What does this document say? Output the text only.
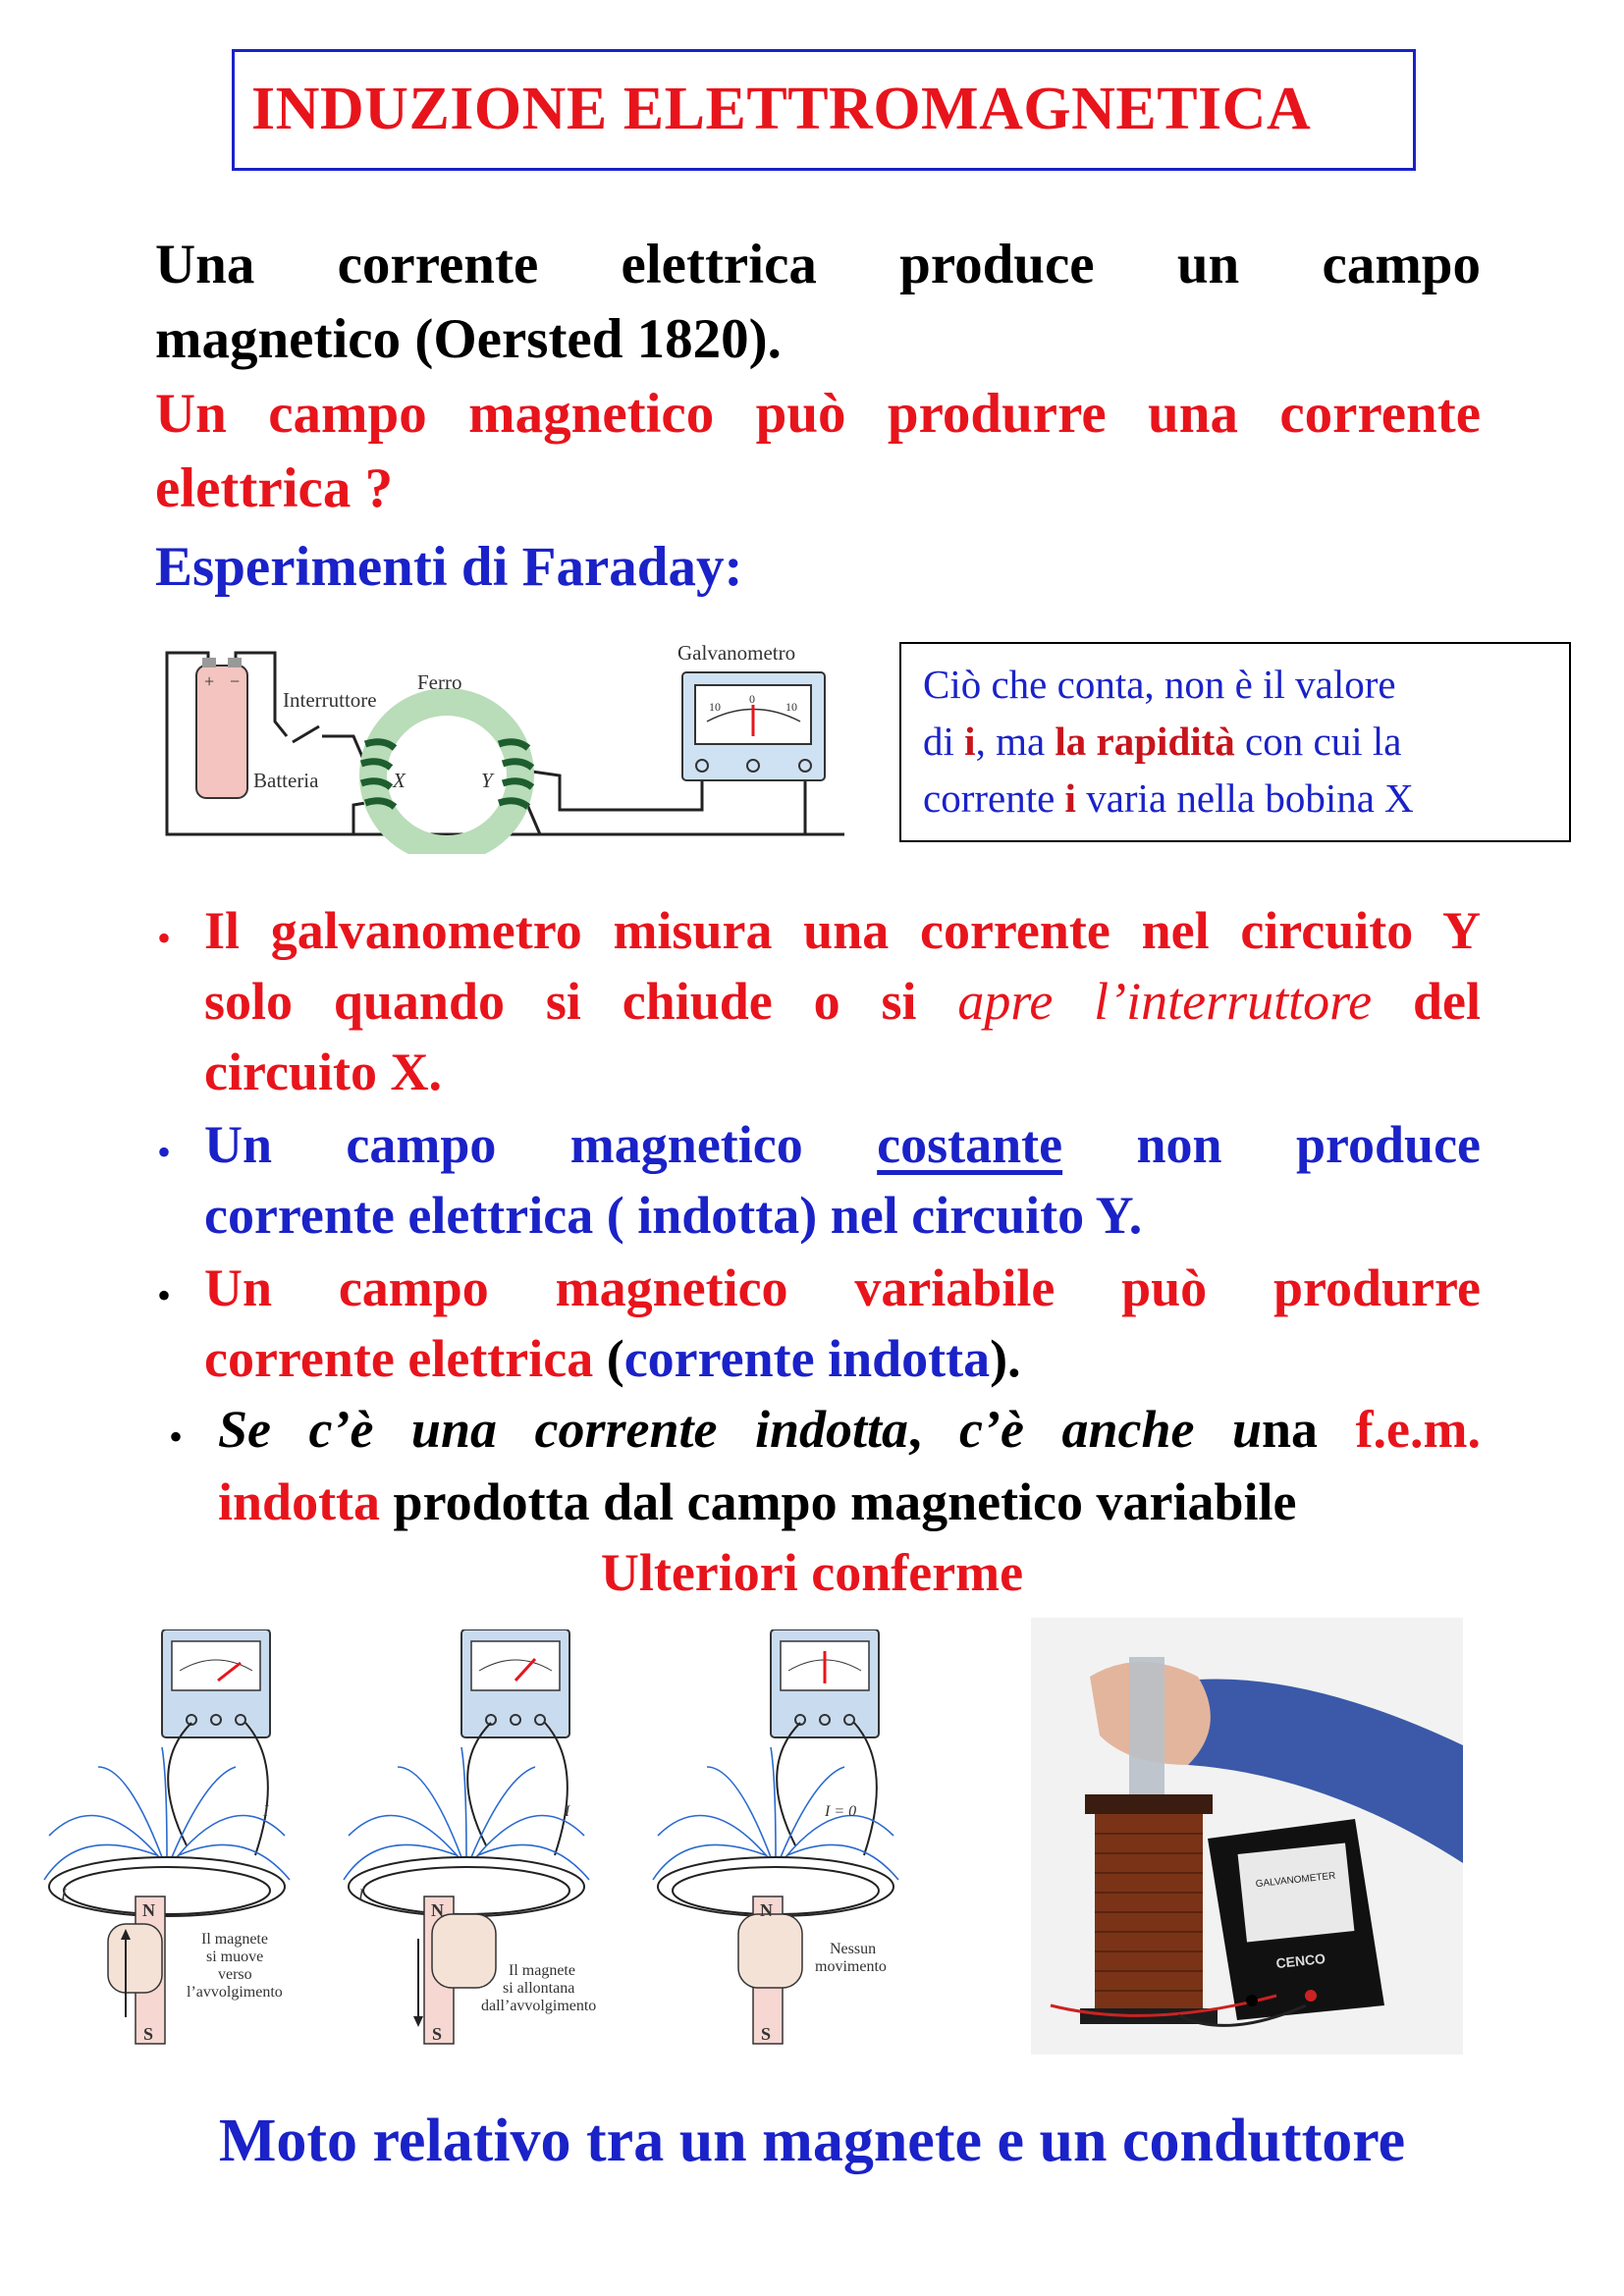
INDUZIONE ELETTROMAGNETICA
Una corrente elettrica produce un campo
magnetico (Oersted 1820).
Un campo magnetico può produrre una corrente
elettrica ?
Esperimenti di Faraday:
+ −
10
0
10
Galvanometro
Ferro
Interruttore
Batteria	X	Y
Ciò che conta, non è il valore
di i, ma la rapidità con cui la
corrente i varia nella bobina X
• Il galvanometro misura una corrente nel circuito Y
solo quando si chiude o si apre l’interruttore del
circuito X.
• Un campo magnetico costante non produce
corrente elettrica ( indotta) nel circuito Y.
• Un campo magnetico variabile può produrre
corrente elettrica (corrente indotta).
• Se c’è una corrente indotta, c’è anche una f.e.m.
indotta prodotta dal campo magnetico variabile
Ulteriori conferme
N
S
I
I
Il magnete si muove verso l’avvolgimento
N
S
I
I
Il magnete si allontana dall’avvolgimento
N
S
I = 0
Nessun movimento
GALVANOMETER
CENCO
Moto relativo tra un magnete e un conduttore
